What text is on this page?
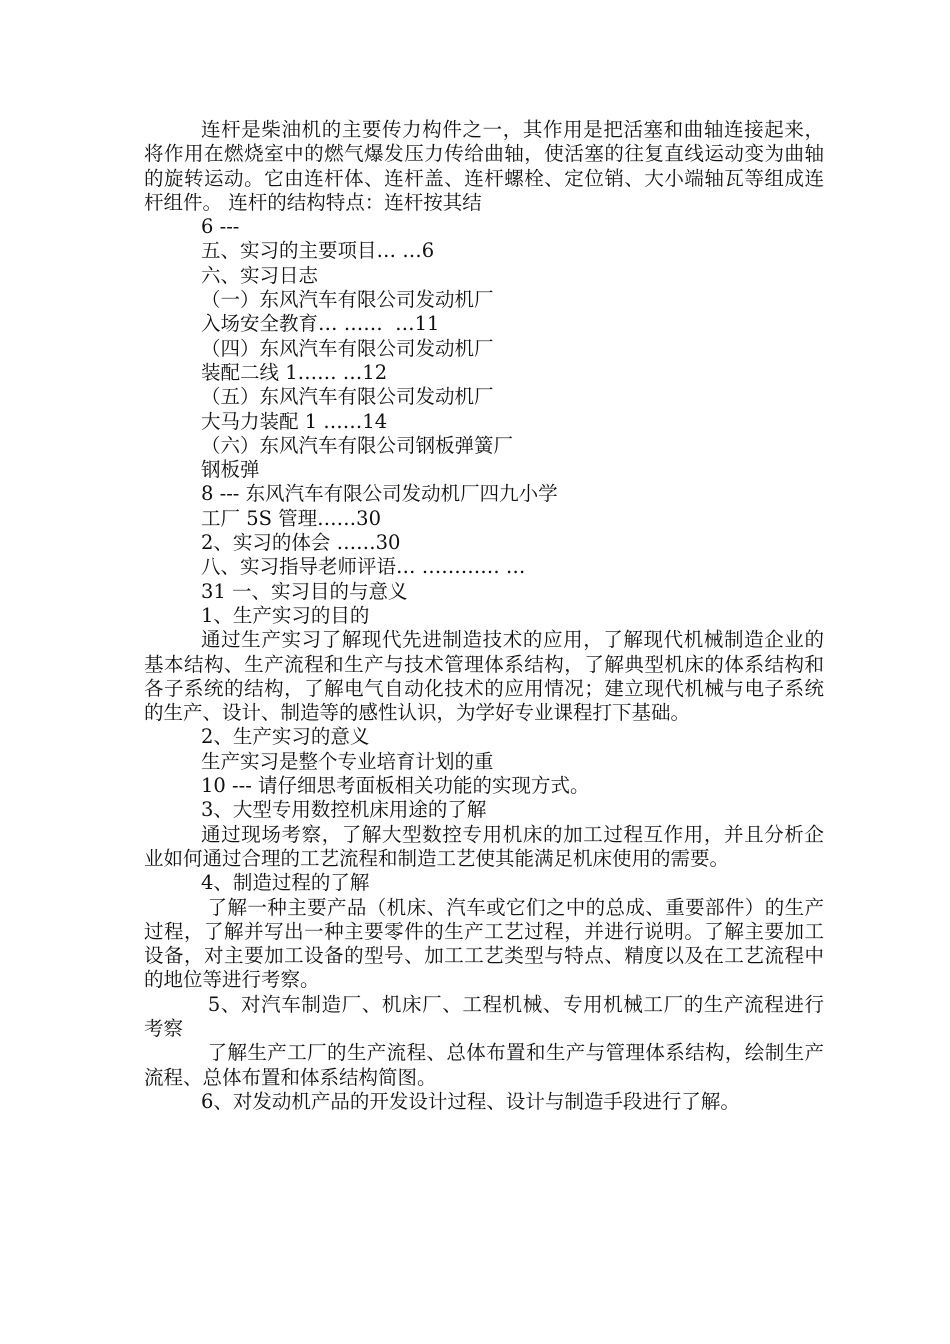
连杆是柴油机的主要传力构件之一，其作用是把活塞和曲轴连接起来，将作用在燃烧室中的燃气爆发压力传给曲轴，使活塞的往复直线运动变为曲轴的旋转运动。它由连杆体、连杆盖、连杆螺栓、定位销、大小端轴瓦等组成连杆组件。 连杆的结构特点：连杆按其结

6 ---

五、实习的主要项目… …6

六、实习日志

（一）东风汽车有限公司发动机厂

入场安全教育… ……  …11

（四）东风汽车有限公司发动机厂

装配二线 1…… …12

（五）东风汽车有限公司发动机厂

大马力装配 1 ……14

（六）东风汽车有限公司钢板弹簧厂

钢板弹

8 --- 东风汽车有限公司发动机厂四九小学

工厂 5S 管理……30

2、实习的体会 ……30

八、实习指导老师评语… ………… …

31 一、实习目的与意义

1、生产实习的目的

通过生产实习了解现代先进制造技术的应用，了解现代机械制造企业的基本结构、生产流程和生产与技术管理体系结构，了解典型机床的体系结构和各子系统的结构，了解电气自动化技术的应用情况；建立现代机械与电子系统的生产、设计、制造等的感性认识，为学好专业课程打下基础。

2、生产实习的意义

生产实习是整个专业培育计划的重

10 --- 请仔细思考面板相关功能的实现方式。

3、大型专用数控机床用途的了解

通过现场考察，了解大型数控专用机床的加工过程互作用，并且分析企业如何通过合理的工艺流程和制造工艺使其能满足机床使用的需要。

4、制造过程的了解

了解一种主要产品（机床、汽车或它们之中的总成、重要部件）的生产过程，了解并写出一种主要零件的生产工艺过程，并进行说明。了解主要加工设备，对主要加工设备的型号、加工工艺类型与特点、精度以及在工艺流程中的地位等进行考察。

5、对汽车制造厂、机床厂、工程机械、专用机械工厂的生产流程进行考察

了解生产工厂的生产流程、总体布置和生产与管理体系结构，绘制生产流程、总体布置和体系结构简图。

6、对发动机产品的开发设计过程、设计与制造手段进行了解。
